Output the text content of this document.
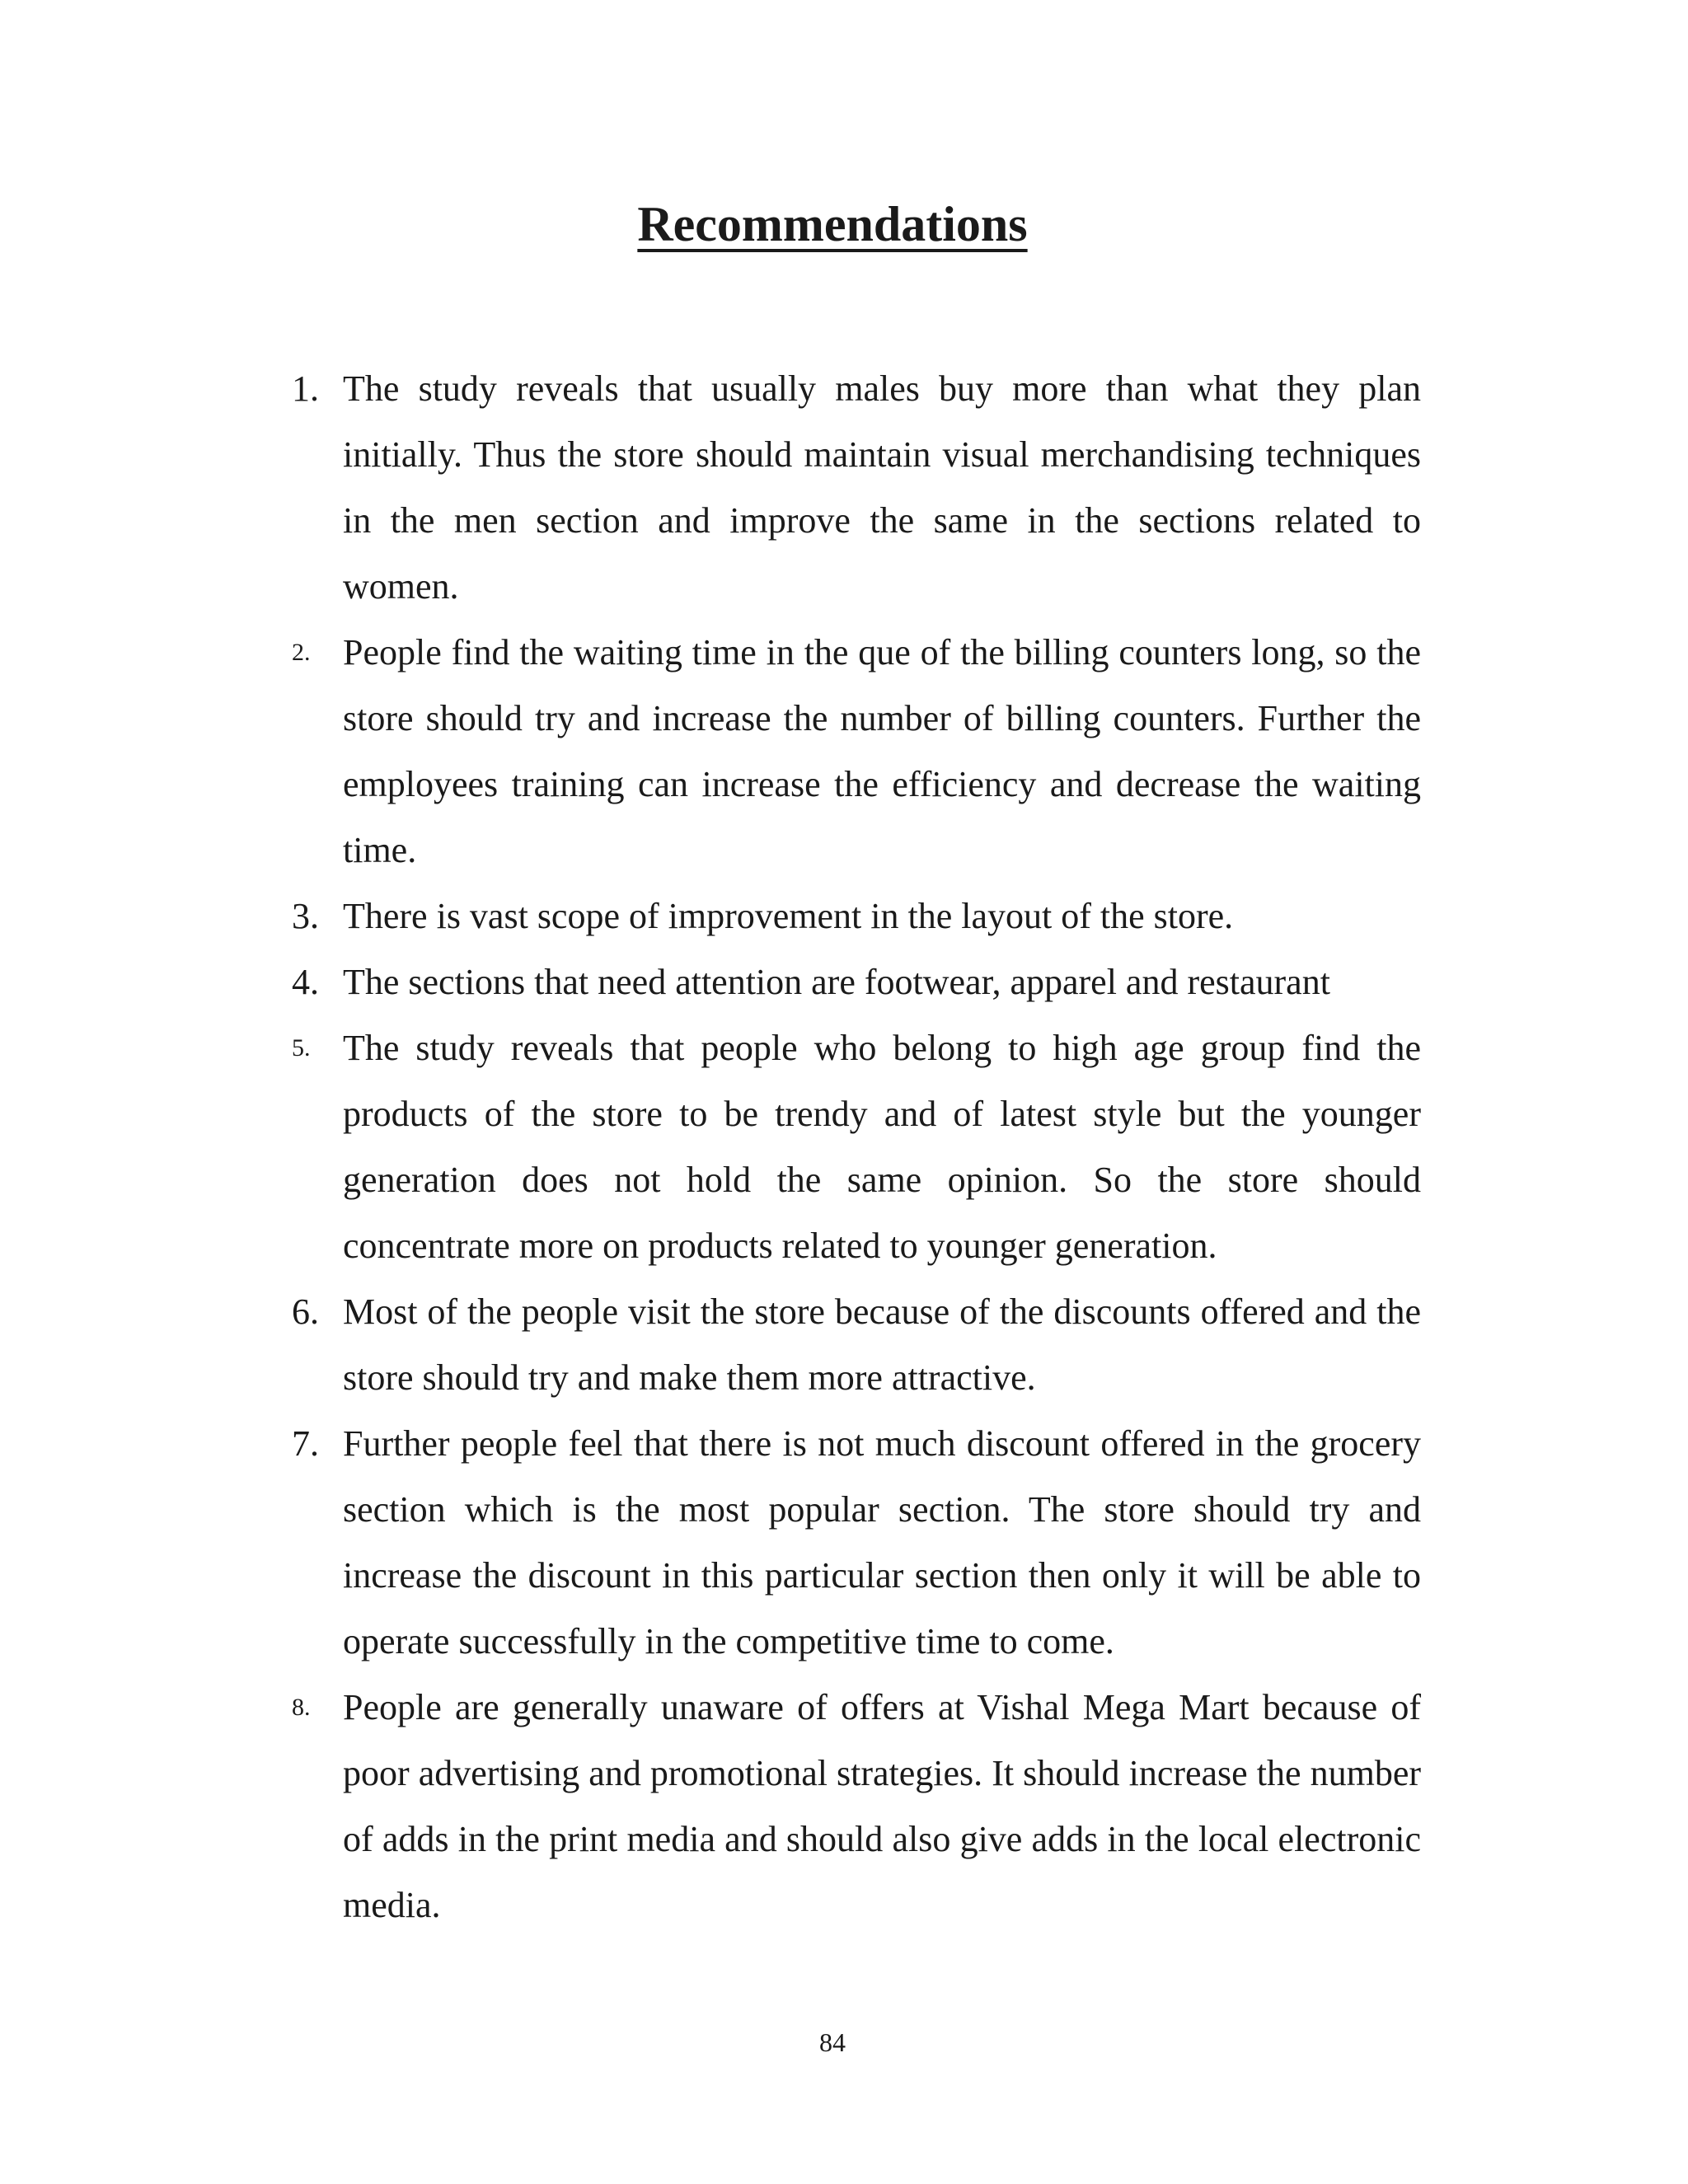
Recommendations
1. The study reveals that usually males buy more than what they plan initially. Thus the store should maintain visual merchandising techniques in the men section and improve the same in the sections related to women.
2. People find the waiting time in the que of the billing counters long, so the store should try and increase the number of billing counters. Further the employees training can increase the efficiency and decrease the waiting time.
3. There is vast scope of improvement in the layout of the store.
4. The sections that need attention are footwear, apparel and restaurant
5. The study reveals that people who belong to high age group find the products of the store to be trendy and of latest style but the younger generation does not hold the same opinion. So the store should concentrate more on products related to younger generation.
6. Most of the people visit the store because of the discounts offered and the store should try and make them more attractive.
7. Further people feel that there is not much discount offered in the grocery section which is the most popular section. The store should try and increase the discount in this particular section then only it will be able to operate successfully in the competitive time to come.
8. People are generally unaware of offers at Vishal Mega Mart because of poor advertising and promotional strategies. It should increase the number of adds in the print media and should also give adds in the local electronic media.
84
